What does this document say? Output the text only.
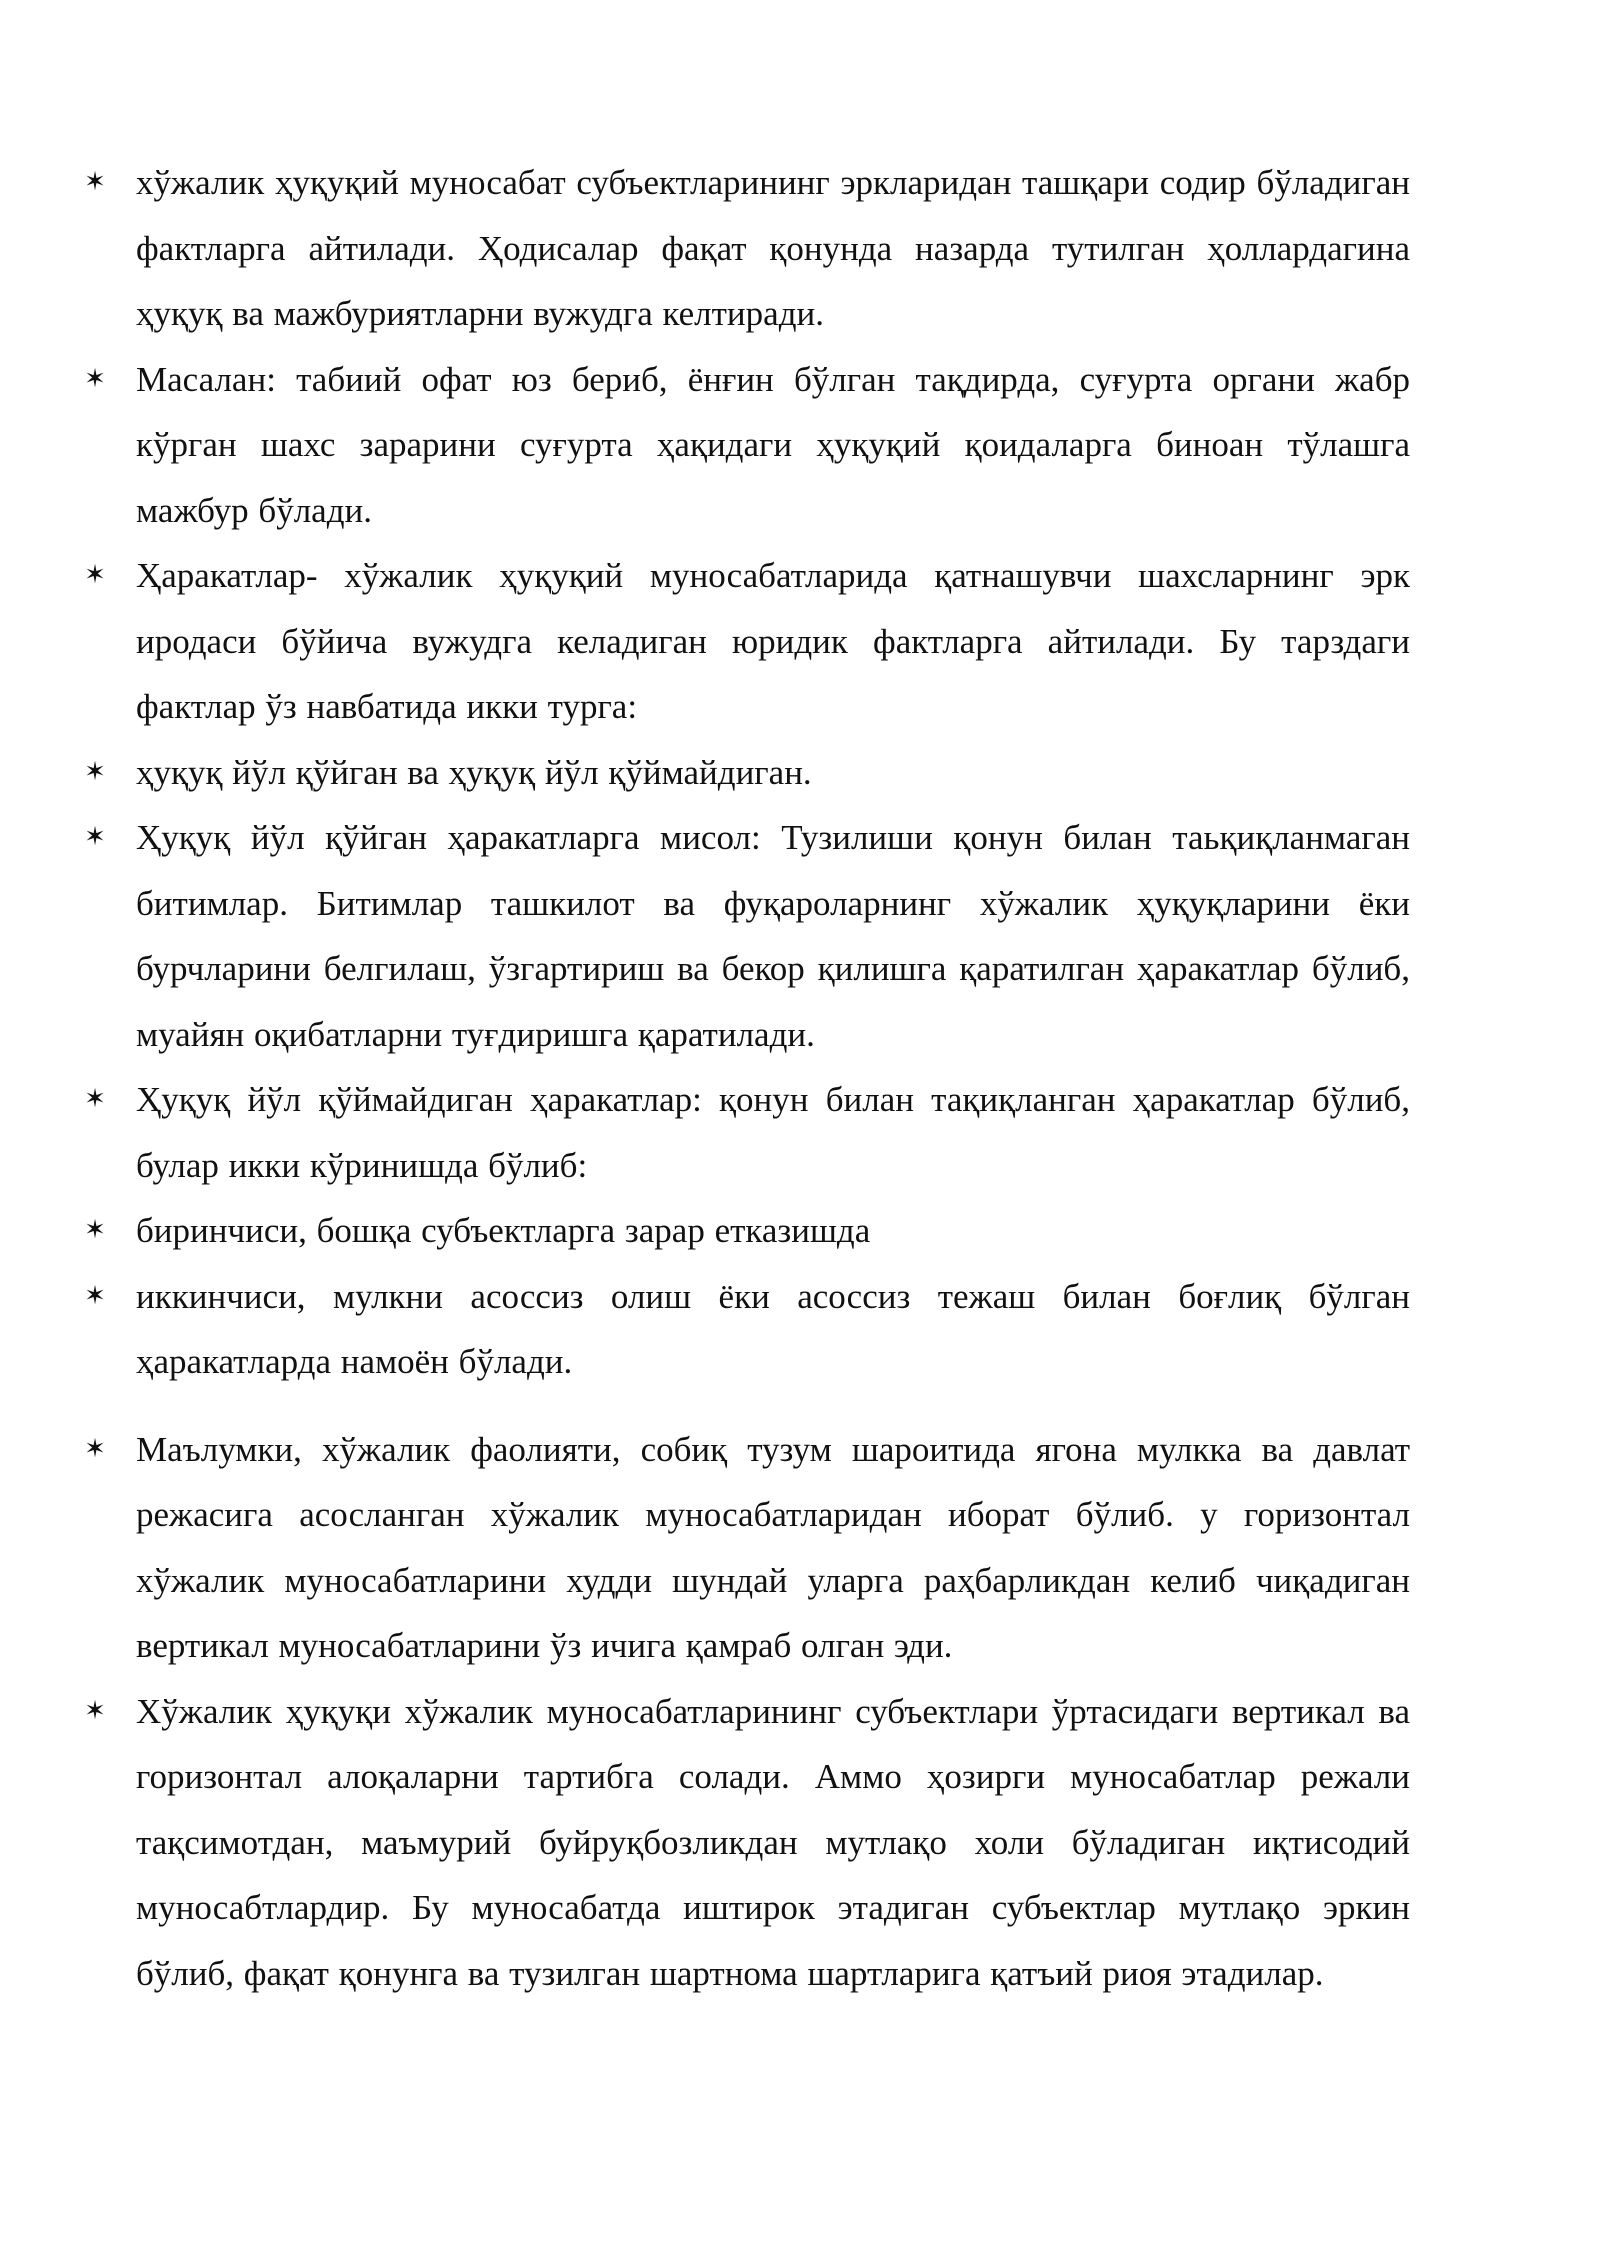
✶ хўжалик ҳуқуқий муносабат субъектларининг эркларидан ташқари содир бўладиган фактларга айтилади. Ҳодисалар фақат қонунда назарда тутилган ҳоллардагина ҳуқуқ ва мажбуриятларни вужудга келтиради.
✶ Масалан: табиий офат юз бериб, ёнғин бўлган тақдирда, суғурта органи жабр кўрган шахс зарарини суғурта ҳақидаги ҳуқуқий қоидаларга биноан тўлашга мажбур бўлади.
✶ Ҳаракатлар- хўжалик ҳуқуқий муносабатларида қатнашувчи шахсларнинг эрк иродаси бўйича вужудга келадиган юридик фактларга айтилади. Бу тарздаги фактлар ўз навбатида икки турга:
✶ ҳуқуқ йўл қўйган ва ҳуқуқ йўл қўймайдиган.
✶ Ҳуқуқ йўл қўйган ҳаракатларга мисол: Тузилиши қонун билан таьқиқланмаган битимлар. Битимлар ташкилот ва фуқароларнинг хўжалик ҳуқуқларини ёки бурчларини белгилаш, ўзгартириш ва бекор қилишга қаратилган ҳаракатлар бўлиб, муайян оқибатларни туғдиришга қаратилади.
✶ Ҳуқуқ йўл қўймайдиган ҳаракатлар: қонун билан тақиқланган ҳаракатлар бўлиб, булар икки кўринишда бўлиб:
✶ биринчиси, бошқа субъектларга зарар етказишда
✶ иккинчиси, мулкни асоссиз олиш ёки асоссиз тежаш билан боғлиқ бўлган ҳаракатларда намоён бўлади.
✶ Маълумки, хўжалик фаолияти, собиқ тузум шароитида ягона мулкка ва давлат режасига асосланган хўжалик муносабатларидан иборат бўлиб. у горизонтал хўжалик муносабатларини худди шундай уларга раҳбарликдан келиб чиқадиган вертикал муносабатларини ўз ичига қамраб олган эди.
✶ Хўжалик ҳуқуқи хўжалик муносабатларининг субъектлари ўртасидаги вертикал ва горизонтал алоқаларни тартибга солади. Аммо ҳозирги муносабатлар режали тақсимотдан, маъмурий буйруқбозликдан мутлақо холи бўладиган иқтисодий муносабтлардир. Бу муносабатда иштирок этадиган субъектлар мутлақо эркин бўлиб, фақат қонунга ва тузилган шартнома шартларига қатъий риоя этадилар.
